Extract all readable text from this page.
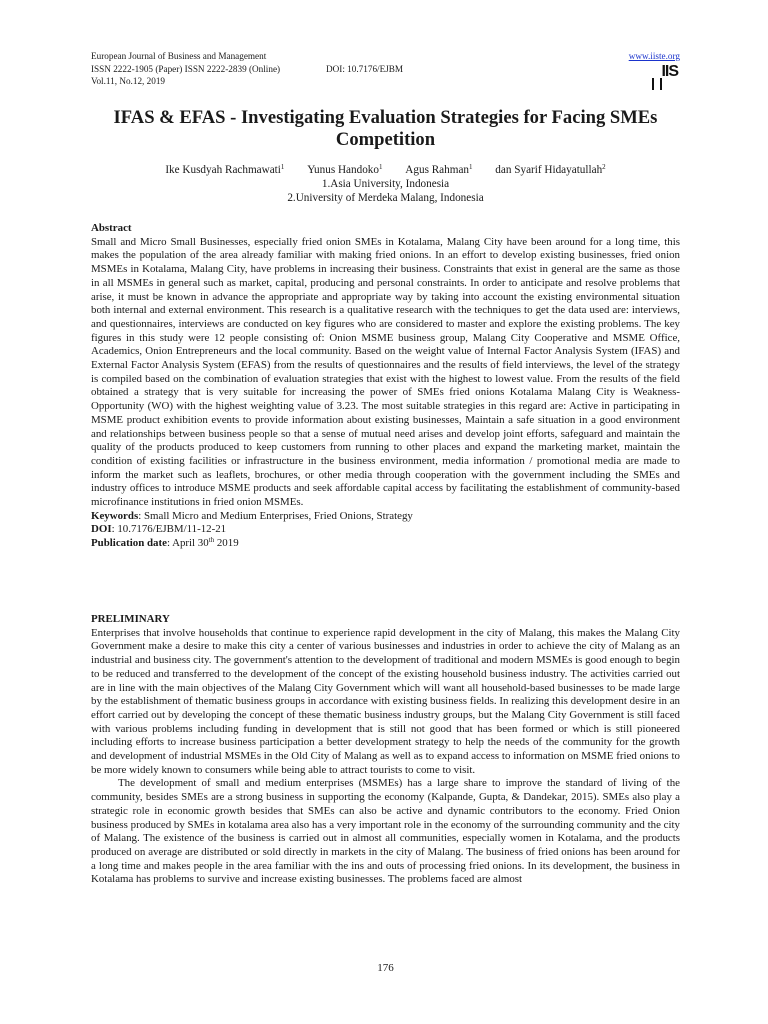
European Journal of Business and Management	www.iiste.org
ISSN 2222-1905 (Paper) ISSN 2222-2839 (Online)	DOI: 10.7176/EJBM
Vol.11, No.12, 2019
IIS
IFAS & EFAS - Investigating Evaluation Strategies for Facing SMEs Competition
Ike Kusdyah Rachmawati$^1$ Yunus Handoko$^1$ Agus Rahman$^1$ dan Syarif Hidayatullah$^2$
1.Asia University, Indonesia
2.University of Merdeka Malang, Indonesia

Abstract

Small and Micro Small Businesses, especially fried onion SMEs in Kotalama, Malang City have been around for a long time, this makes the population of the area already familiar with making fried onions. In an effort to develop existing businesses, fried onion MSMEs in Kotalama, Malang City, have problems in increasing their business. Constraints that exist in general are the same as those in all MSMEs in general such as market, capital, producing and personal constraints. In order to anticipate and resolve problems that arise, it must be known in advance the appropriate and appropriate way by taking into account the existing environmental situation both internal and external environment. This research is a qualitative research with the techniques to get the data used are: interviews, and questionnaires, interviews are conducted on key figures who are considered to master and explore the existing problems. The key figures in this study were 12 people consisting of: Onion MSME business group, Malang City Cooperative and MSME Office, Academics, Onion Entrepreneurs and the local community. Based on the weight value of Internal Factor Analysis System (IFAS) and External Factor Analysis System (EFAS) from the results of questionnaires and the results of field interviews, the level of the strategy is compiled based on the combination of evaluation strategies that exist with the highest to lowest value. From the results of the field obtained a strategy that is very suitable for increasing the power of SMEs fried onions Kotalama Malang City is Weakness-Opportunity (WO) with the highest weighting value of 3.23. The most suitable strategies in this regard are: Active in participating in MSME product exhibition events to provide information about existing businesses, Maintain a safe situation in a good environment and relationships between business people so that a sense of mutual need arises and develop joint efforts, safeguard and maintain the quality of the products produced to keep customers from running to other places and expand the marketing market, maintain the condition of existing facilities or infrastructure in the business environment, media information / promotional media are made to inform the market such as leaflets, brochures, or other media through cooperation with the government including the SMEs and industry offices to introduce MSME products and seek affordable capital access by facilitating the establishment of community-based microfinance institutions in fried onion MSMEs.

Keywords: Small Micro and Medium Enterprises, Fried Onions, Strategy

DOI: 10.7176/EJBM/11-12-21

Publication date: April 30th 2019

PRELIMINARY

Enterprises that involve households that continue to experience rapid development in the city of Malang, this makes the Malang City Government make a desire to make this city a center of various businesses and industries in order to achieve the city of Malang as an industrial and business city. The government's attention to the development of traditional and modern MSMEs is good enough to begin to be reduced and transferred to the development of the concept of the existing household business industry. The activities carried out are in line with the main objectives of the Malang City Government which will want all household-based businesses to be made large by the establishment of thematic business groups in accordance with existing business fields. In realizing this development desire in an effort carried out by developing the concept of these thematic business industry groups, but the Malang City Government is still faced with various problems including funding in development that is still not good that has been formed or which is still pioneered including efforts to increase business participation a better development strategy to help the needs of the community for the growth and development of industrial MSMEs in the Old City of Malang as well as to expand access to information on MSME fried onions to be more widely known to consumers while being able to attract tourists to come to visit.

The development of small and medium enterprises (MSMEs) has a large share to improve the standard of living of the community, besides SMEs are a strong business in supporting the economy (Kalpande, Gupta, & Dandekar, 2015). SMEs also play a strategic role in economic growth besides that SMEs can also be active and dynamic contributors to the economy. Fried Onion business produced by SMEs in kotalama area also has a very important role in the economy of the surrounding community and the city of Malang. The existence of the business is carried out in almost all communities, especially women in Kotalama, and the products produced on average are distributed or sold directly in markets in the city of Malang. The business of fried onions has been around for a long time and makes people in the area familiar with the ins and outs of processing fried onions. In its development, the business in Kotalama has problems to survive and increase existing businesses. The problems faced are almost

176
